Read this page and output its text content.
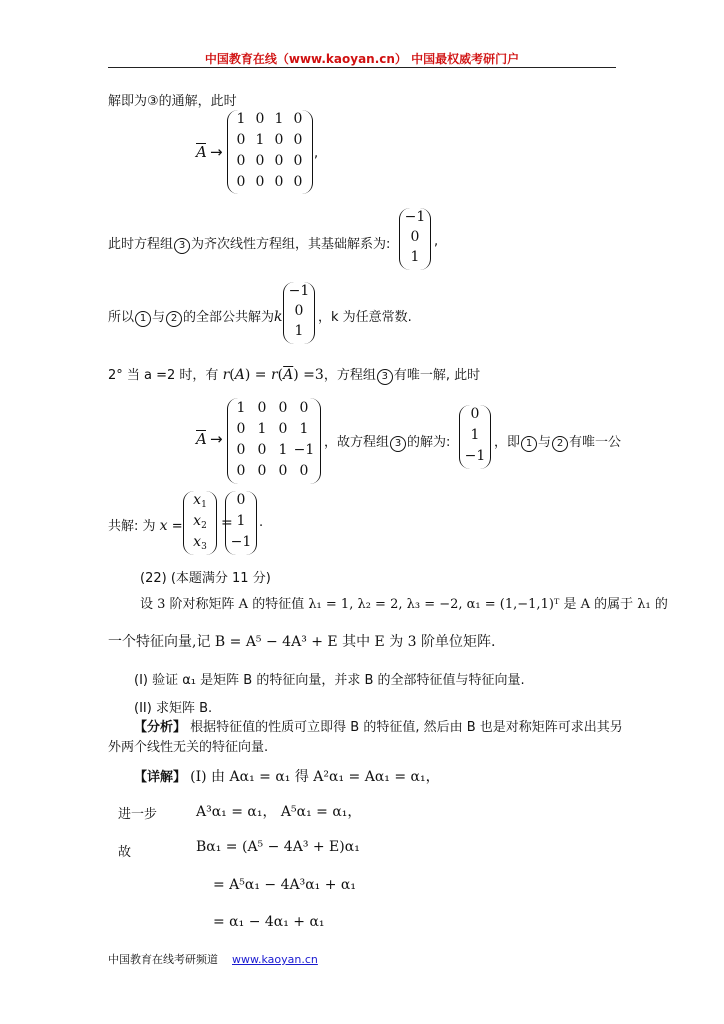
中国教育在线（www.kaoyan.cn） 中国最权威考研门户
解即为③的通解，此时
A →
1 0 1 0
0 1 0 0
0 0 0 0
0 0 0 0
,
此时方程组 3 为齐次线性方程组，其基础解系为:
−1
0
1
,
所以 1 与 2 的全部公共解为k
−1
0
1
，k 为任意常数.
2° 当 a =2 时，有 $r(A) = r(\overline{A}) =3$，方程组 3 有唯一解, 此时
A →
1 0 0 0
0 1 0 1
0 0 1 −1
0 0 0 0
，故方程组 3 的解为:
0
1
−1
，即 1 与 2 有唯一公
共解: 为 x =
$x_1$
$x_2$
$x_3$
=
0
1
−1
.
(22) (本题满分 11 分)
设 3 阶对称矩阵 A 的特征值 λ₁ = 1, λ₂ = 2, λ₃ = −2, α₁ = (1,−1,1)ᵀ 是 A 的属于 λ₁ 的
一个特征向量,记 B = A⁵ − 4A³ + E 其中 E 为 3 阶单位矩阵.
(I) 验证 α₁ 是矩阵 B 的特征向量，并求 B 的全部特征值与特征向量.
(II) 求矩阵 B.
【分析】 根据特征值的性质可立即得 B 的特征值, 然后由 B 也是对称矩阵可求出其另
外两个线性无关的特征向量.
【详解】 (I) 由 Aα₁ = α₁ 得 A²α₁ = Aα₁ = α₁，
进一步	A³α₁ = α₁， A⁵α₁ = α₁，
故	Bα₁ = (A⁵ − 4A³ + E)α₁
= A⁵α₁ − 4A³α₁ + α₁
= α₁ − 4α₁ + α₁
中国教育在线考研频道 www.kaoyan.cn
